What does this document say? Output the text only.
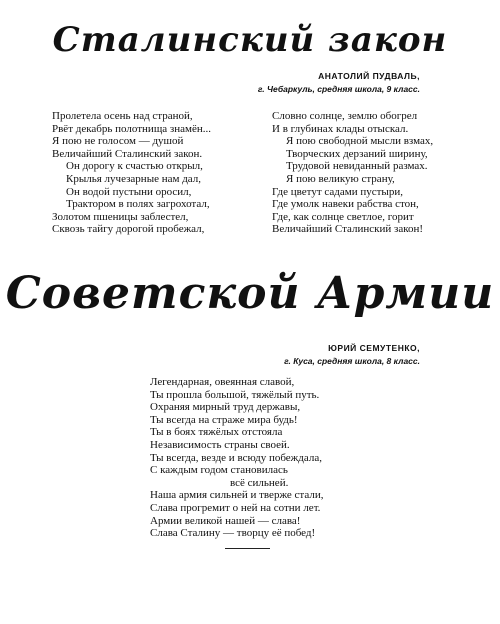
Сталинский закон
АНАТОЛИЙ ПУДВАЛЬ,
г. Чебаркуль, средняя школа, 9 класс.
Пролетела осень над страной,
Рвёт декабрь полотнища знамён...
Я пою не голосом — душой
Величайший Сталинский закон.
Он дорогу к счастью открыл,
Крылья лучезарные нам дал,
Он водой пустыни оросил,
Трактором в полях загрохотал,
Золотом пшеницы заблестел,
Сквозь тайгу дорогой пробежал,
Словно солнце, землю обогрел
И в глубинах клады отыскал.
Я пою свободной мысли взмах,
Творческих дерзаний ширину,
Трудовой невиданный размах.
Я пою великую страну,
Где цветут садами пустыри,
Где умолк навеки рабства стон,
Где, как солнце светлое, горит
Величайший Сталинский закон!
Советской Армии
ЮРИЙ СЕМУТЕНКО,
г. Куса, средняя школа, 8 класс.
Легендарная, овеянная славой,
Ты прошла большой, тяжёлый путь.
Охраняя мирный труд державы,
Ты всегда на страже мира будь!
Ты в боях тяжёлых отстояла
Независимость страны своей.
Ты всегда, везде и всюду побеждала,
С каждым годом становилась
всё сильней.
Наша армия сильней и тверже стали,
Слава прогремит о ней на сотни лет.
Армии великой нашей — слава!
Слава Сталину — творцу её побед!
